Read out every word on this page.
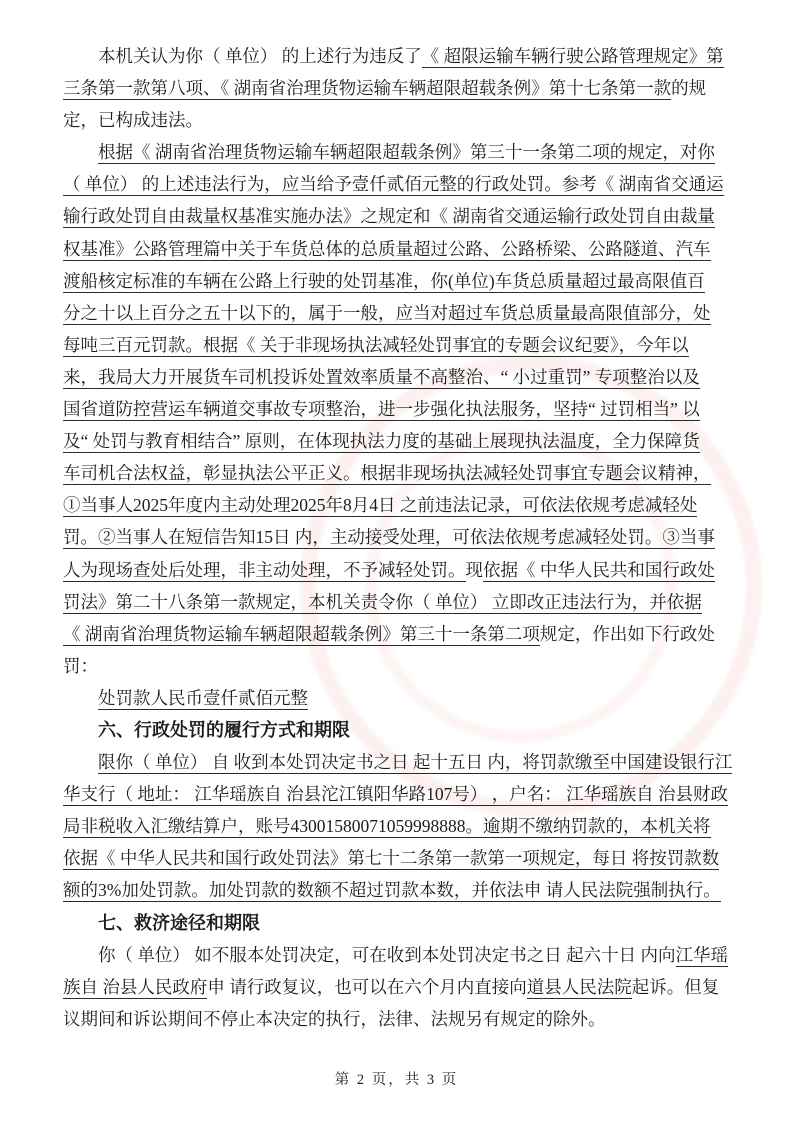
本机关认为你（ 单位） 的上述行为违反了《 超限运输车辆行驶公路管理规定》第
三条第一款第八项、《 湖南省治理货物运输车辆超限超载条例》第十七条第一款的规
定，已构成违法。
根据《 湖南省治理货物运输车辆超限超载条例》第三十一条第二项的规定，对你
（ 单位） 的上述违法行为，应当给予壹仟贰佰元整的行政处罚。参考《 湖南省交通运
输行政处罚自由裁量权基准实施办法》之规定和《 湖南省交通运输行政处罚自由裁量
权基准》公路管理篇中关于车货总体的总质量超过公路、公路桥梁、公路隧道、汽车
渡船核定标准的车辆在公路上行驶的处罚基准，你(单位)车货总质量超过最高限值百
分之十以上百分之五十以下的，属于一般，应当对超过车货总质量最高限值部分，处
每吨三百元罚款。根据《 关于非现场执法减轻处罚事宜的专题会议纪要》，今年以
来，我局大力开展货车司机投诉处置效率质量不高整治、“ 小过重罚” 专项整治以及
国省道防控营运车辆道交事故专项整治，进一步强化执法服务，坚持“ 过罚相当” 以
及“ 处罚与教育相结合” 原则，在体现执法力度的基础上展现执法温度，全力保障货
车司机合法权益，彰显执法公平正义。根据非现场执法减轻处罚事宜专题会议精神，
①当事人2025年度内主动处理2025年8月4日 之前违法记录，可依法依规考虑减轻处
罚。②当事人在短信告知15日 内，主动接受处理，可依法依规考虑减轻处罚。③当事
人为现场查处后处理，非主动处理，不予减轻处罚。现依据《 中华人民共和国行政处
罚法》第二十八条第一款规定，本机关责令你（ 单位） 立即改正违法行为，并依据
《 湖南省治理货物运输车辆超限超载条例》第三十一条第二项规定，作出如下行政处
罚：
处罚款人民币壹仟贰佰元整
六、行政处罚的履行方式和期限
限你（ 单位） 自 收到本处罚决定书之日 起十五日 内，将罚款缴至中国建设银行江
华支行（ 地址： 江华瑶族自 治县沱江镇阳华路107号） ，户名： 江华瑶族自 治县财政
局非税收入汇缴结算户，账号43001580071059998888。逾期不缴纳罚款的，本机关将
依据《 中华人民共和国行政处罚法》第七十二条第一款第一项规定，每日 将按罚款数
额的3%加处罚款。加处罚款的数额不超过罚款本数，并依法申 请人民法院强制执行。
七、救济途径和期限
你（ 单位） 如不服本处罚决定，可在收到本处罚决定书之日 起六十日 内向江华瑶
族自 治县人民政府申 请行政复议，也可以在六个月内直接向道县人民法院起诉。但复
议期间和诉讼期间不停止本决定的执行，法律、法规另有规定的除外。
第 2 页，共 3 页
